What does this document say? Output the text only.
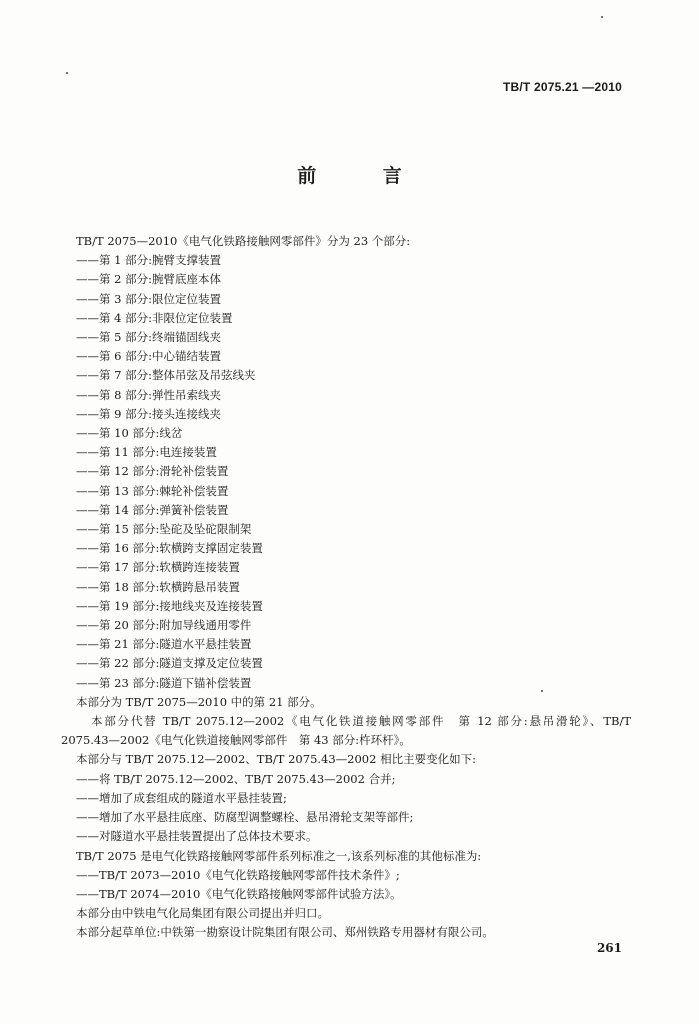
TB/T 2075.21 —2010
前 言
TB/T 2075—2010《电气化铁路接触网零部件》分为 23 个部分:
——第 1 部分:腕臂支撑装置
——第 2 部分:腕臂底座本体
——第 3 部分:限位定位装置
——第 4 部分:非限位定位装置
——第 5 部分:终端锚固线夹
——第 6 部分:中心锚结装置
——第 7 部分:整体吊弦及吊弦线夹
——第 8 部分:弹性吊索线夹
——第 9 部分:接头连接线夹
——第 10 部分:线岔
——第 11 部分:电连接装置
——第 12 部分:滑轮补偿装置
——第 13 部分:棘轮补偿装置
——第 14 部分:弹簧补偿装置
——第 15 部分:坠砣及坠砣限制架
——第 16 部分:软横跨支撑固定装置
——第 17 部分:软横跨连接装置
——第 18 部分:软横跨悬吊装置
——第 19 部分:接地线夹及连接装置
——第 20 部分:附加导线通用零件
——第 21 部分:隧道水平悬挂装置
——第 22 部分:隧道支撑及定位装置
——第 23 部分:隧道下锚补偿装置
本部分为 TB/T 2075—2010 中的第 21 部分。
本部分代替 TB/T 2075.12—2002《电气化铁道接触网零部件　第 12 部分:悬吊滑轮》、TB/T
2075.43—2002《电气化铁道接触网零部件　第 43 部分:杵环杆》。
本部分与 TB/T 2075.12—2002、TB/T 2075.43—2002 相比主要变化如下:
——将 TB/T 2075.12—2002、TB/T 2075.43—2002 合并;
——增加了成套组成的隧道水平悬挂装置;
——增加了水平悬挂底座、防腐型调整螺栓、悬吊滑轮支架等部件;
——对隧道水平悬挂装置提出了总体技术要求。
TB/T 2075 是电气化铁路接触网零部件系列标准之一,该系列标准的其他标准为:
——TB/T 2073—2010《电气化铁路接触网零部件技术条件》;
——TB/T 2074—2010《电气化铁路接触网零部件试验方法》。
本部分由中铁电气化局集团有限公司提出并归口。
本部分起草单位:中铁第一勘察设计院集团有限公司、郑州铁路专用器材有限公司。
261
